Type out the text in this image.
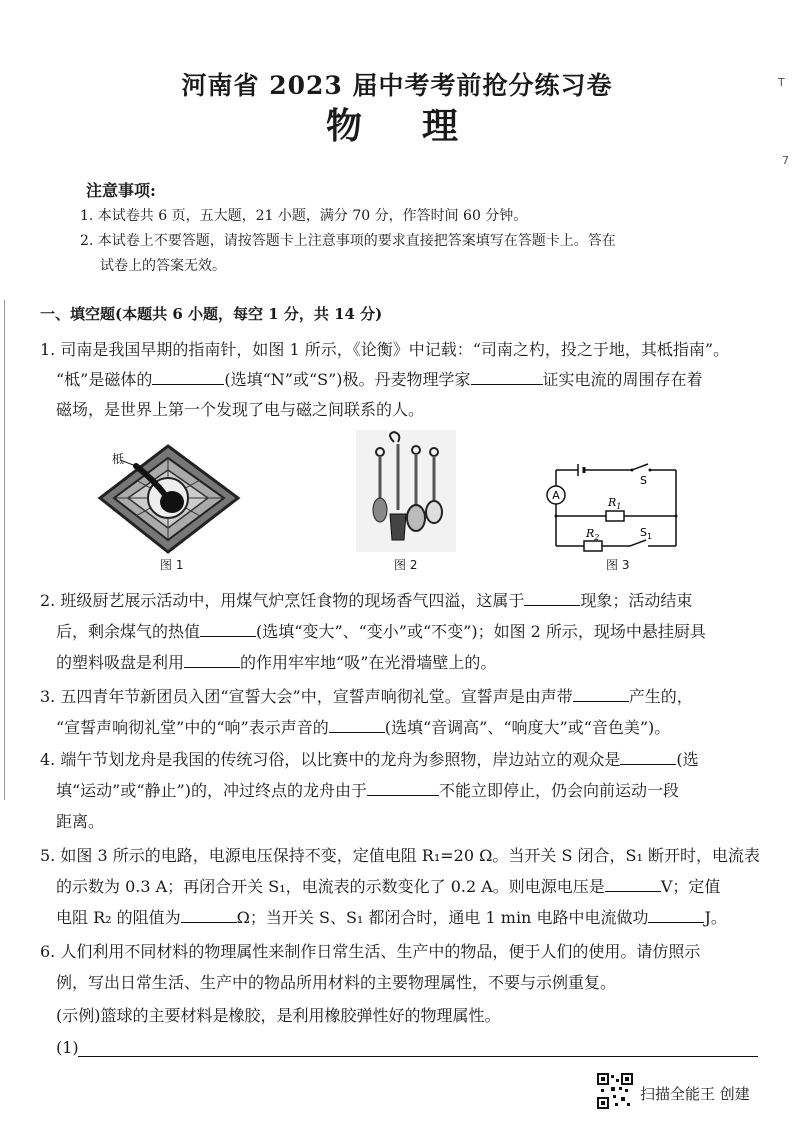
T
7
河南省 2023 届中考考前抢分练习卷
物理
注意事项:
1. 本试卷共 6 页，五大题，21 小题，满分 70 分，作答时间 60 分钟。
2. 本试卷上不要答题，请按答题卡上注意事项的要求直接把答案填写在答题卡上。答在
试卷上的答案无效。
一、填空题(本题共 6 小题，每空 1 分，共 14 分)
1. 司南是我国早期的指南针，如图 1 所示，《论衡》中记载：“司南之杓，投之于地，其柢指南”。
“柢”是磁体的	(选填“N”或“S”)极。丹麦物理学家	证实电流的周围存在着
磁场，是世界上第一个发现了电与磁之间联系的人。
柢
图 1	图 2
A
S
$R_1$
$R_2$	$S_1$
图 3
2. 班级厨艺展示活动中，用煤气炉烹饪食物的现场香气四溢，这属于	现象；活动结束
后，剩余煤气的热值	(选填“变大”、“变小”或“不变”)；如图 2 所示，现场中悬挂厨具
的塑料吸盘是利用	的作用牢牢地“吸”在光滑墙壁上的。
3. 五四青年节新团员入团“宣誓大会”中，宣誓声响彻礼堂。宣誓声是由声带	产生的，
“宣誓声响彻礼堂”中的“响”表示声音的	(选填“音调高”、“响度大”或“音色美”)。
4. 端午节划龙舟是我国的传统习俗，以比赛中的龙舟为参照物，岸边站立的观众是	(选
填“运动”或“静止”)的，冲过终点的龙舟由于	不能立即停止，仍会向前运动一段
距离。
5. 如图 3 所示的电路，电源电压保持不变，定值电阻 R₁=20 Ω。当开关 S 闭合，S₁ 断开时，电流表
的示数为 0.3 A；再闭合开关 S₁，电流表的示数变化了 0.2 A。则电源电压是	V；定值
电阻 R₂ 的阻值为	Ω；当开关 S、S₁ 都闭合时，通电 1 min 电路中电流做功	J。
6. 人们利用不同材料的物理属性来制作日常生活、生产中的物品，便于人们的使用。请仿照示
例，写出日常生活、生产中的物品所用材料的主要物理属性，不要与示例重复。
(示例)篮球的主要材料是橡胶，是利用橡胶弹性好的物理属性。
(1)
扫描全能王 创建
